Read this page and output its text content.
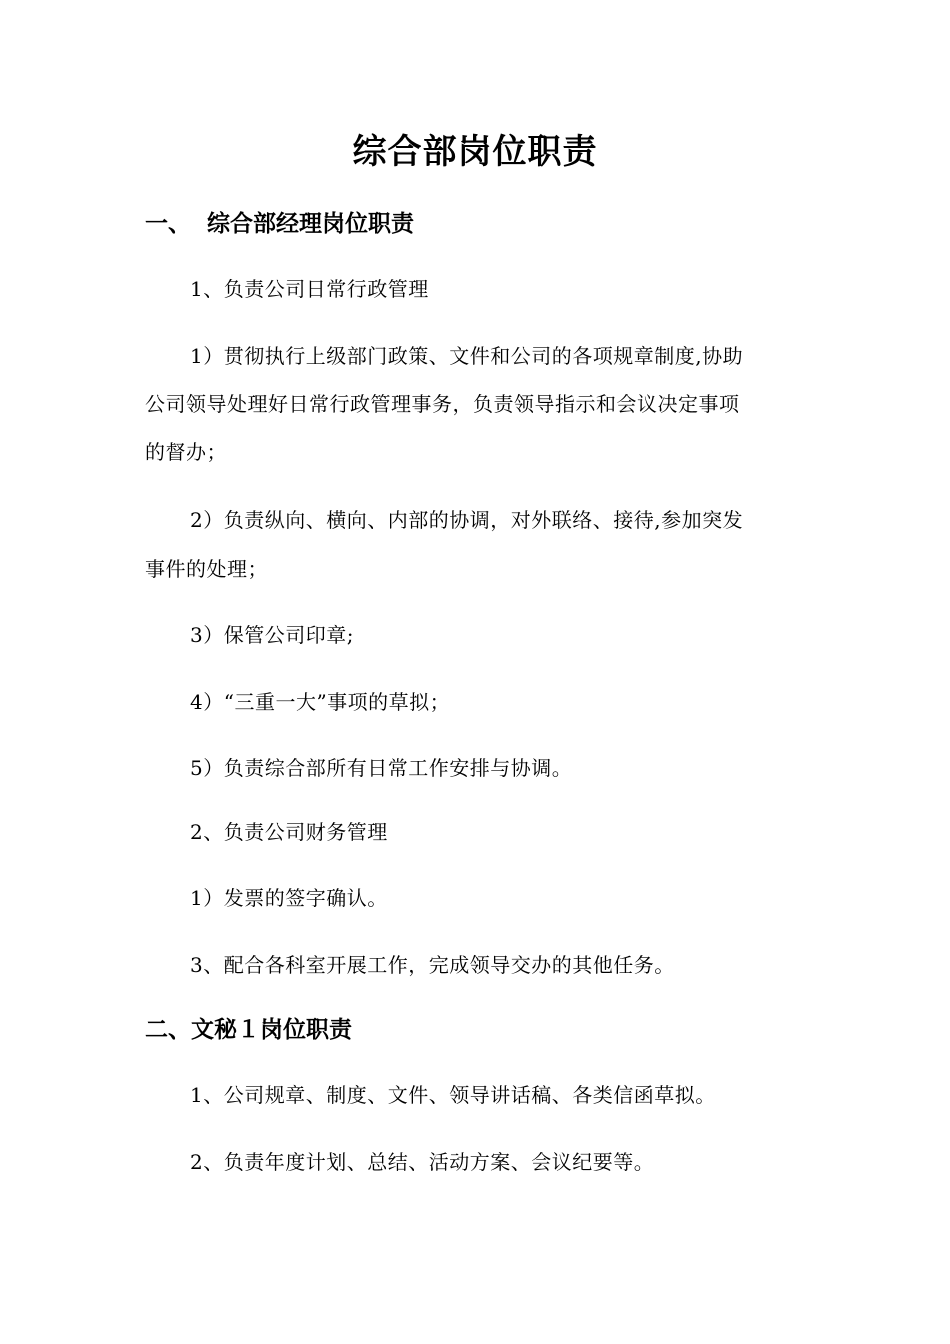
综合部岗位职责
一、 综合部经理岗位职责
1、负责公司日常行政管理
1）贯彻执行上级部门政策、文件和公司的各项规章制度,协助
公司领导处理好日常行政管理事务，负责领导指示和会议决定事项
的督办；
2）负责纵向、横向、内部的协调，对外联络、接待,参加突发
事件的处理；
3）保管公司印章;
4）“三重一大”事项的草拟；
5）负责综合部所有日常工作安排与协调。
2、负责公司财务管理
1）发票的签字确认。
3、配合各科室开展工作，完成领导交办的其他任务。
二、文秘１岗位职责
1、公司规章、制度、文件、领导讲话稿、各类信函草拟。
2、负责年度计划、总结、活动方案、会议纪要等。
